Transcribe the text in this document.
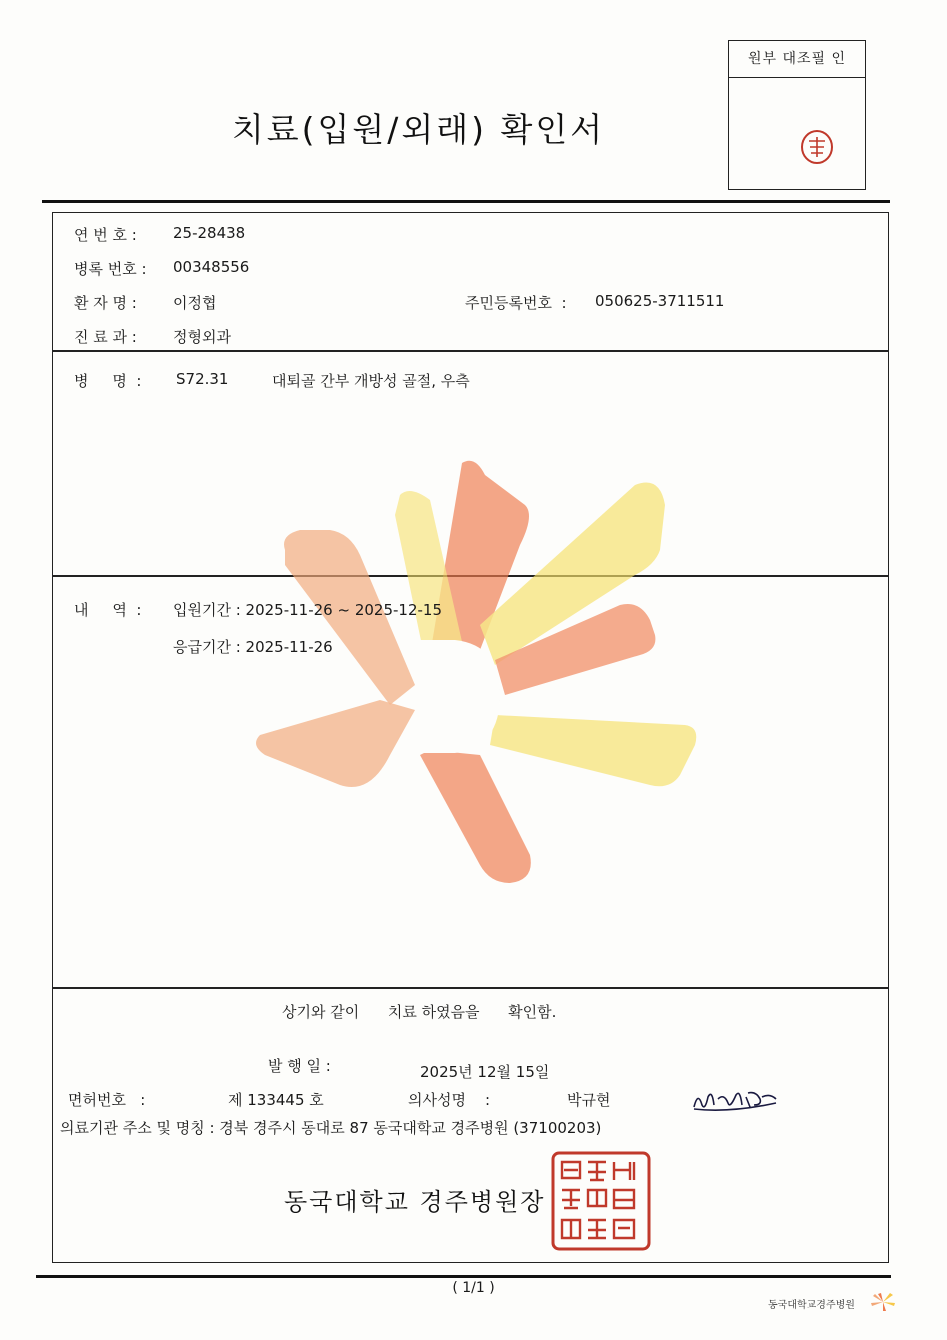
치료(입원/외래) 확인서
원부 대조필 인
연 번 호 : 25-28438
병록 번호 : 00348556
환 자 명 : 이정협	주민등록번호  : 050625-3711511
진 료 과 : 정형외과
병     명  : S72.31	대퇴골 간부 개방성 골절, 우측
내     역  : 입원기간 : 2025-11-26 ~ 2025-12-15
응급기간 : 2025-11-26
상기와 같이      치료 하였음을      확인함.
발 행 일 :	2025년 12월 15일
면허번호   :	제 133445 호	의사성명    :	박규현
의료기관 주소 및 명칭 : 경북 경주시 동대로 87 동국대학교 경주병원 (37100203)
동국대학교 경주병원장
( 1/1 )
동국대학교경주병원
